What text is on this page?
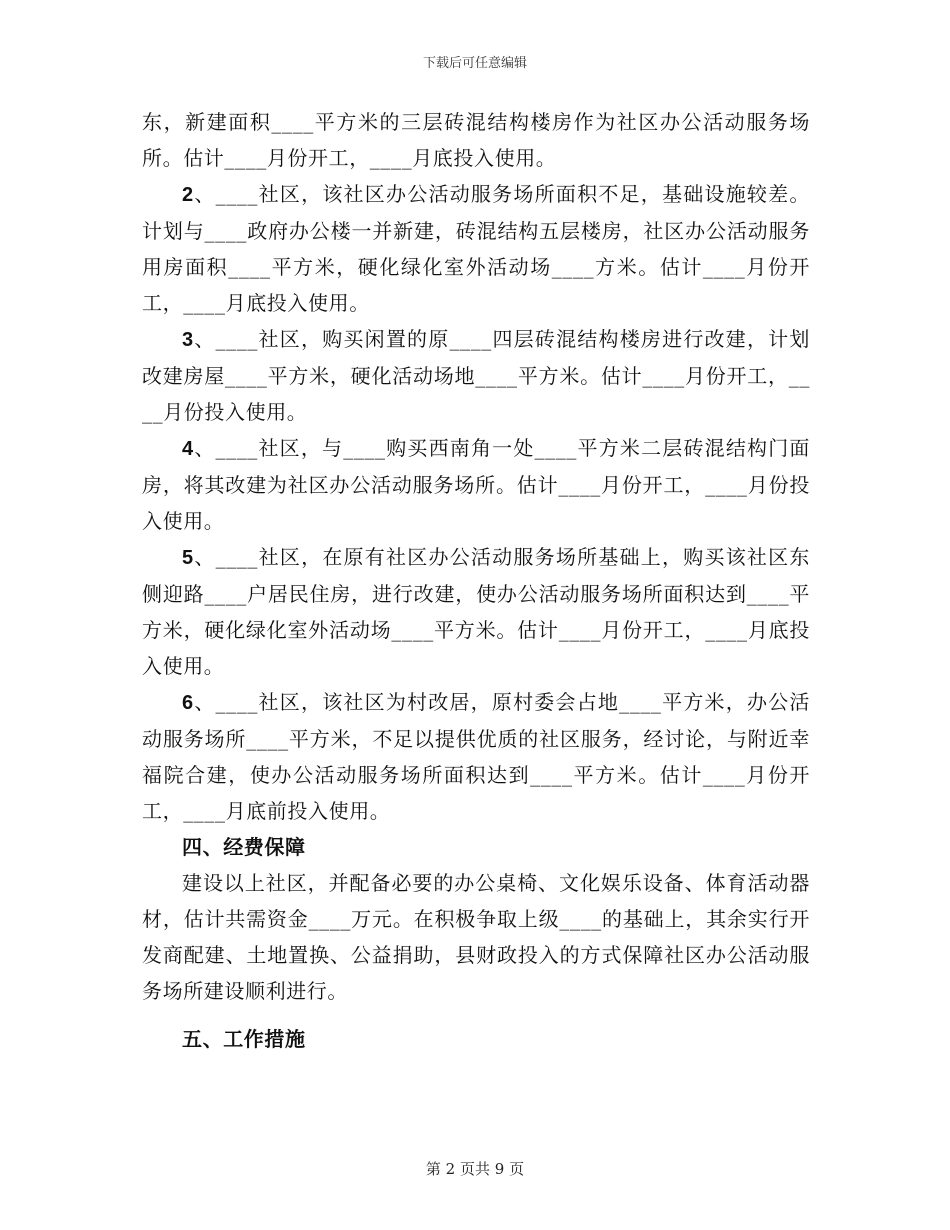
下载后可任意编辑

东，新建面积____平方米的三层砖混结构楼房作为社区办公活动服务场所。估计____月份开工，____月底投入使用。

2、____社区，该社区办公活动服务场所面积不足，基础设施较差。计划与____政府办公楼一并新建，砖混结构五层楼房，社区办公活动服务用房面积____平方米，硬化绿化室外活动场____方米。估计____月份开工，____月底投入使用。

3、____社区，购买闲置的原____四层砖混结构楼房进行改建，计划改建房屋____平方米，硬化活动场地____平方米。估计____月份开工，____月份投入使用。

4、____社区，与____购买西南角一处____平方米二层砖混结构门面房，将其改建为社区办公活动服务场所。估计____月份开工，____月份投入使用。

5、____社区，在原有社区办公活动服务场所基础上，购买该社区东侧迎路____户居民住房，进行改建，使办公活动服务场所面积达到____平方米，硬化绿化室外活动场____平方米。估计____月份开工，____月底投入使用。

6、____社区，该社区为村改居，原村委会占地____平方米，办公活动服务场所____平方米，不足以提供优质的社区服务，经讨论，与附近幸福院合建，使办公活动服务场所面积达到____平方米。估计____月份开工，____月底前投入使用。

四、经费保障

建设以上社区，并配备必要的办公桌椅、文化娱乐设备、体育活动器材，估计共需资金____万元。在积极争取上级____的基础上，其余实行开发商配建、土地置换、公益捐助，县财政投入的方式保障社区办公活动服务场所建设顺利进行。

五、工作措施

第 2 页共 9 页
